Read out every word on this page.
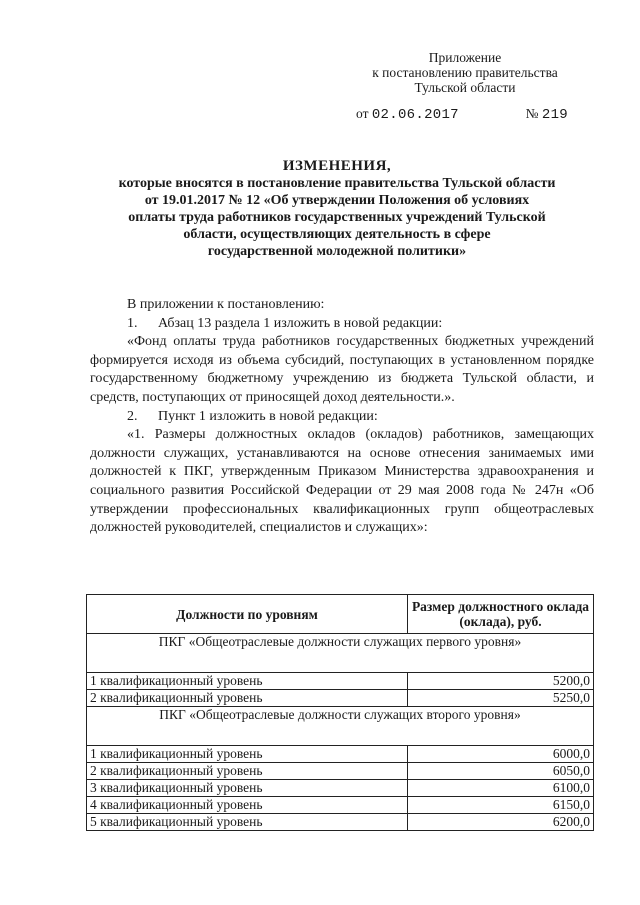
Приложение
к постановлению правительства
Тульской области
от 02.06.2017	№ 219
ИЗМЕНЕНИЯ,
которые вносятся в постановление правительства Тульской области
от 19.01.2017 № 12 «Об утверждении Положения об условиях
оплаты труда работников государственных учреждений Тульской
области, осуществляющих деятельность в сфере
государственной молодежной политики»

В приложении к постановлению:

1. Абзац 13 раздела 1 изложить в новой редакции:

«Фонд оплаты труда работников государственных бюджетных учреждений формируется исходя из объема субсидий, поступающих в установленном порядке государственному бюджетному учреждению из бюджета Тульской области, и средств, поступающих от приносящей доход деятельности.».

2. Пункт 1 изложить в новой редакции:

«1. Размеры должностных окладов (окладов) работников, замещающих должности служащих, устанавливаются на основе отнесения занимаемых ими должностей к ПКГ, утвержденным Приказом Министерства здравоохранения и социального развития Российской Федерации от 29 мая 2008 года № 247н «Об утверждении профессиональных квалификационных групп общеотраслевых должностей руководителей, специалистов и служащих»:

Должности по уровням	Размер должностного оклада (оклада), руб.
ПКГ «Общеотраслевые должности служащих первого уровня»	
1 квалификационный уровень	5200,0
2 квалификационный уровень	5250,0
ПКГ «Общеотраслевые должности служащих второго уровня»	
1 квалификационный уровень	6000,0
2 квалификационный уровень	6050,0
3 квалификационный уровень	6100,0
4 квалификационный уровень	6150,0
5 квалификационный уровень	6200,0
